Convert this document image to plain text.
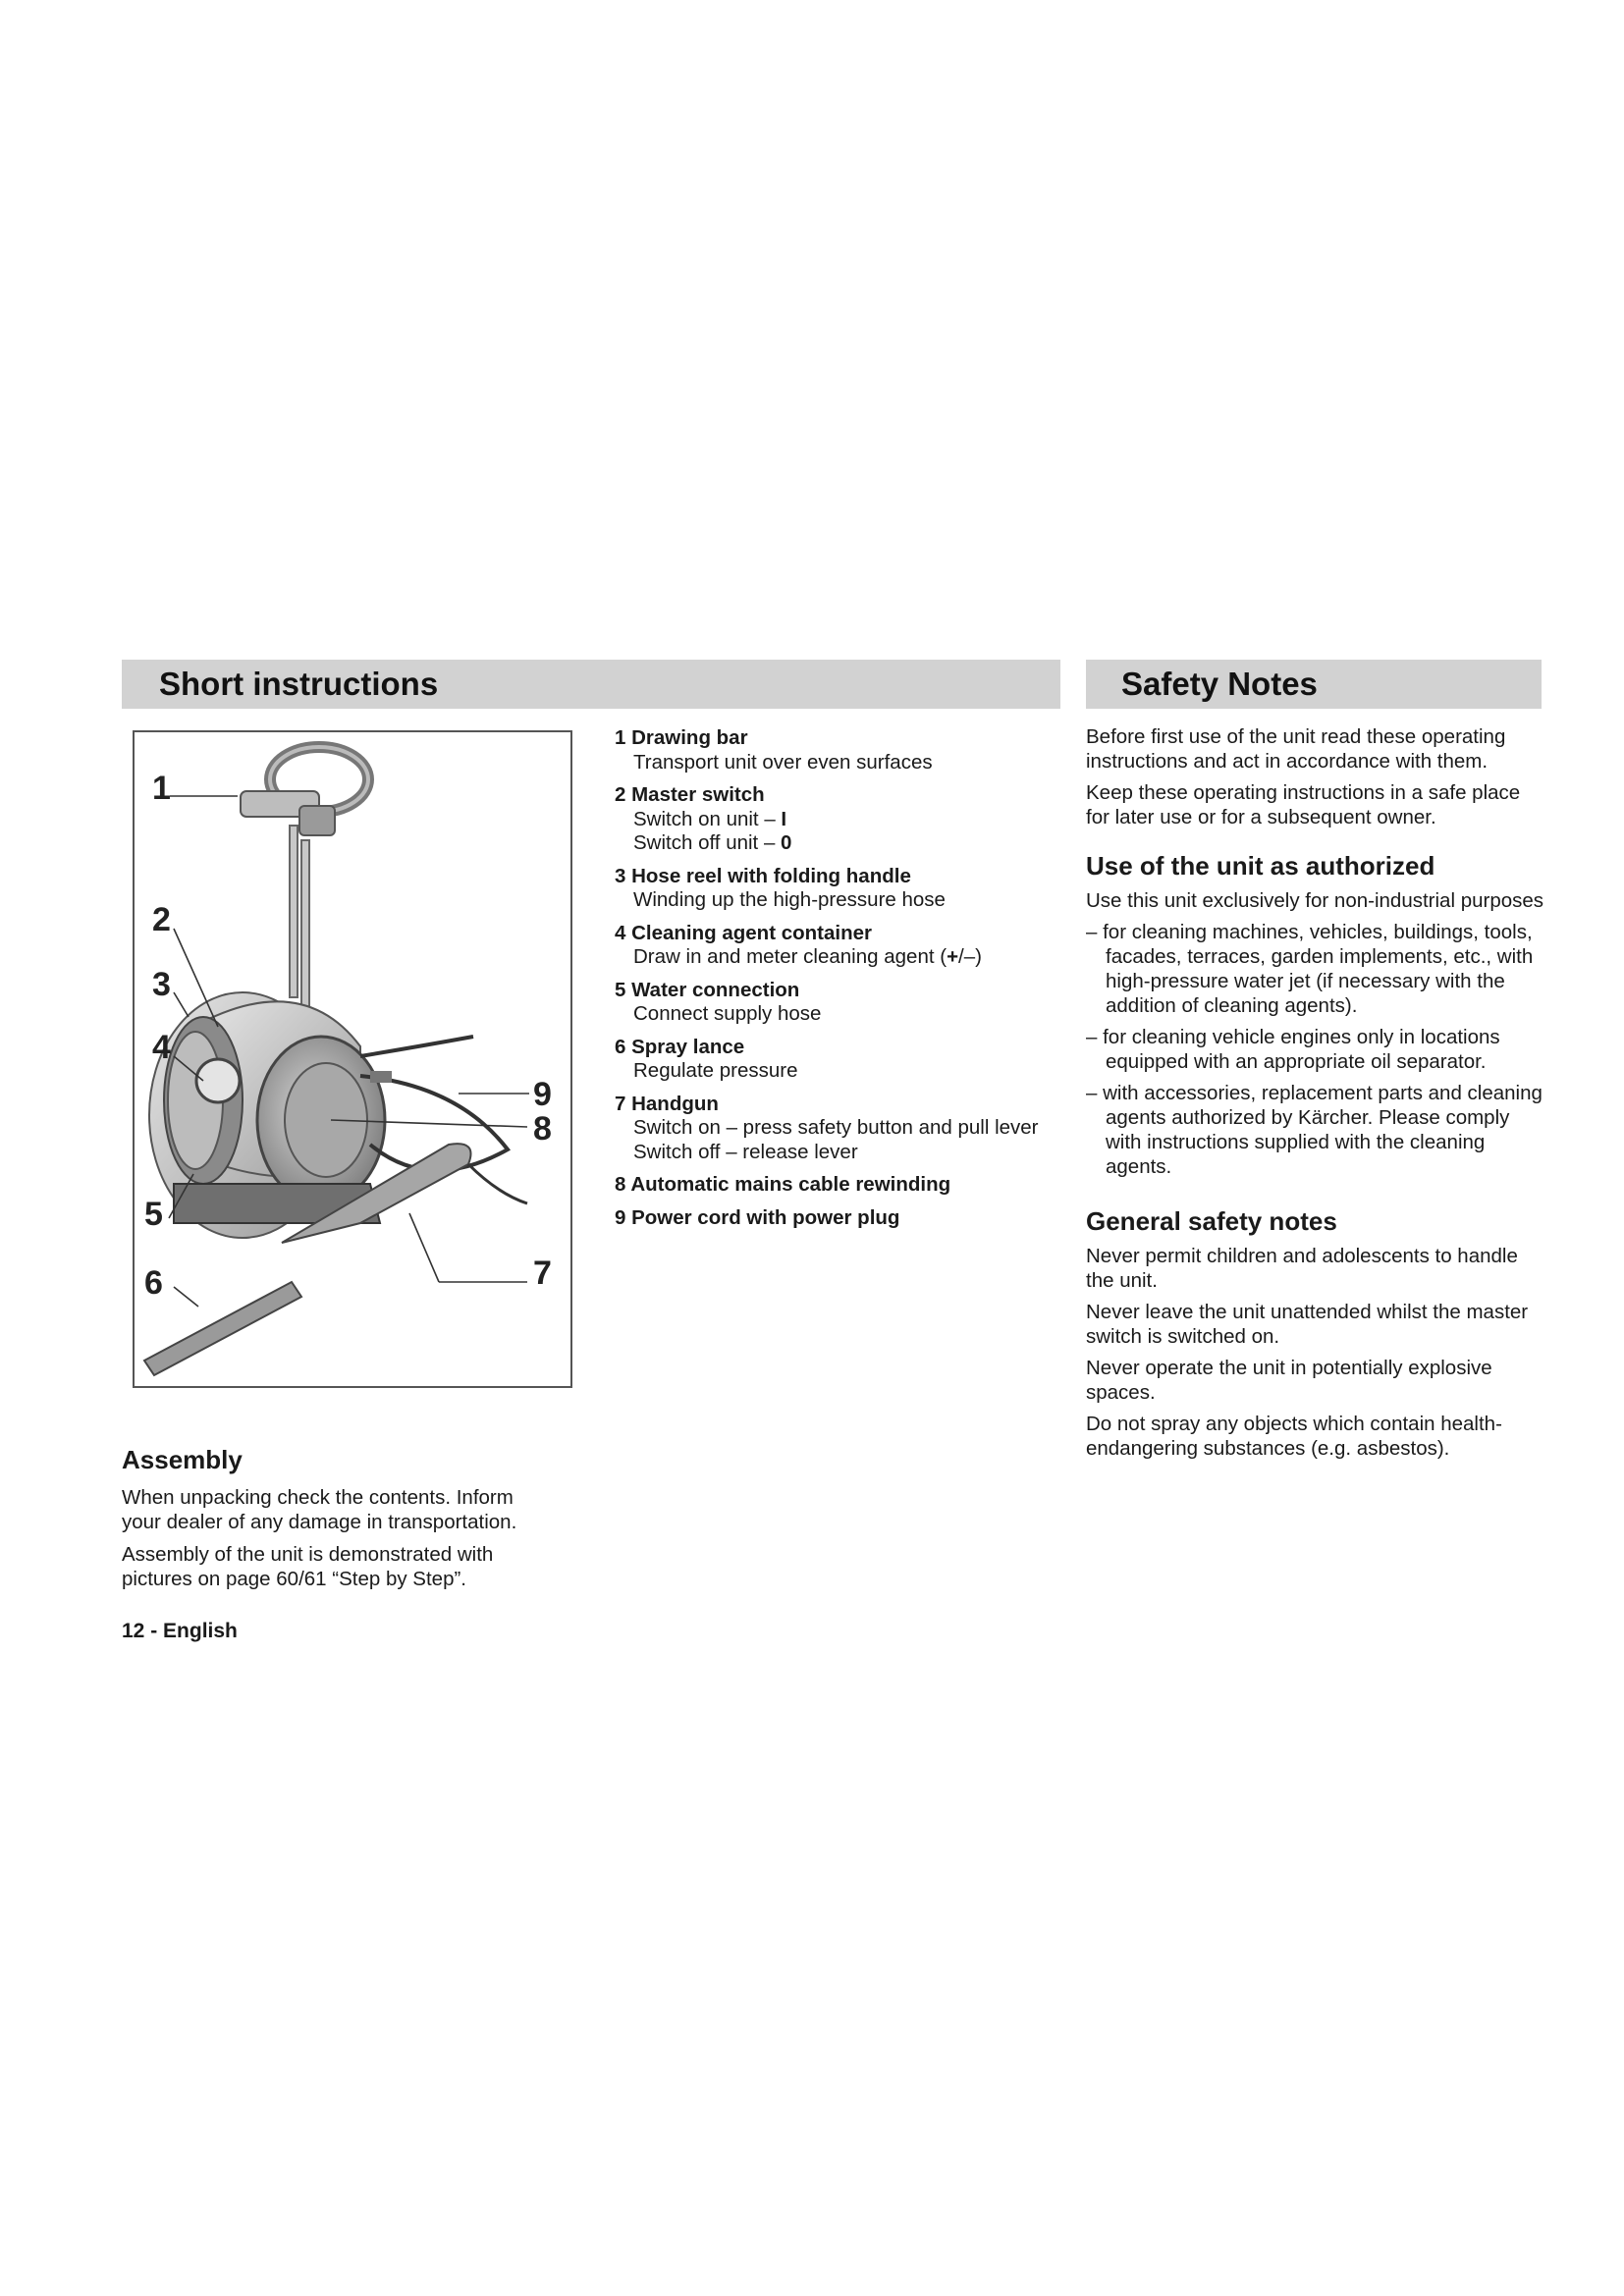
Short instructions	Safety Notes
1
2
3
4
5
6	7
8
9
1 Drawing bar
Transport unit over even surfaces
2 Master switch
Switch on unit – I
Switch off unit – 0
3 Hose reel with folding handle
Winding up the high-pressure hose
4 Cleaning agent container
Draw in and meter cleaning agent (+/–)
5 Water connection
Connect supply hose
6 Spray lance
Regulate pressure
7 Handgun
Switch on – press safety button and pull lever
Switch off – release lever
8 Automatic mains cable rewinding
9 Power cord with power plug

Before first use of the unit read these operating instructions and act in accordance with them.

Keep these operating instructions in a safe place for later use or for a subsequent owner.

Use of the unit as authorized

Use this unit exclusively for non-industrial purposes

– for cleaning machines, vehicles, buildings, tools, facades, terraces, garden implements, etc., with high-pressure water jet (if necessary with the addition of cleaning agents).

– for cleaning vehicle engines only in locations equipped with an appropriate oil separator.

– with accessories, replacement parts and cleaning agents authorized by Kärcher. Please comply with instructions supplied with the cleaning agents.

General safety notes

Never permit children and adolescents to handle the unit.

Never leave the unit unattended whilst the master switch is switched on.

Never operate the unit in potentially explosive spaces.

Do not spray any objects which contain health-endangering substances (e.g. asbestos).

Assembly

When unpacking check the contents. Inform your dealer of any damage in transportation.

Assembly of the unit is demonstrated with pictures on page 60/61 “Step by Step”.

12 - English
